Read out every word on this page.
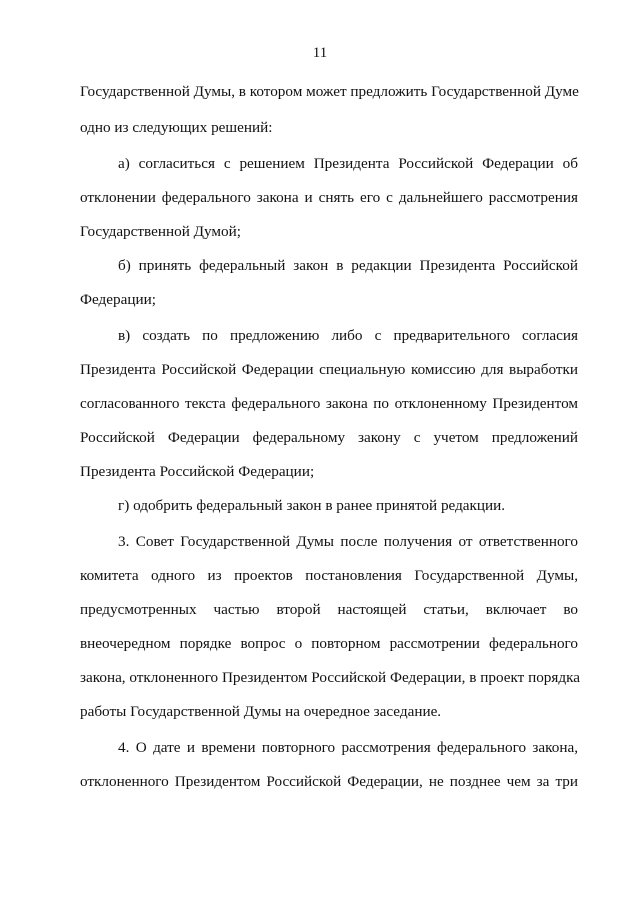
11
Государственной Думы, в котором может предложить Государственной Думе
одно из следующих решений:
а) согласиться с решением Президента Российской Федерации об
отклонении федерального закона и снять его с дальнейшего рассмотрения
Государственной Думой;
б) принять федеральный закон в редакции Президента Российской
Федерации;
в) создать по предложению либо с предварительного согласия
Президента Российской Федерации специальную комиссию для выработки
согласованного текста федерального закона по отклоненному Президентом
Российской Федерации федеральному закону с учетом предложений
Президента Российской Федерации;
г) одобрить федеральный закон в ранее принятой редакции.
3. Совет Государственной Думы после получения от ответственного
комитета одного из проектов постановления Государственной Думы,
предусмотренных частью второй настоящей статьи, включает во
внеочередном порядке вопрос о повторном рассмотрении федерального
закона, отклоненного Президентом Российской Федерации, в проект порядка
работы Государственной Думы на очередное заседание.
4. О дате и времени повторного рассмотрения федерального закона,
отклоненного Президентом Российской Федерации, не позднее чем за три
